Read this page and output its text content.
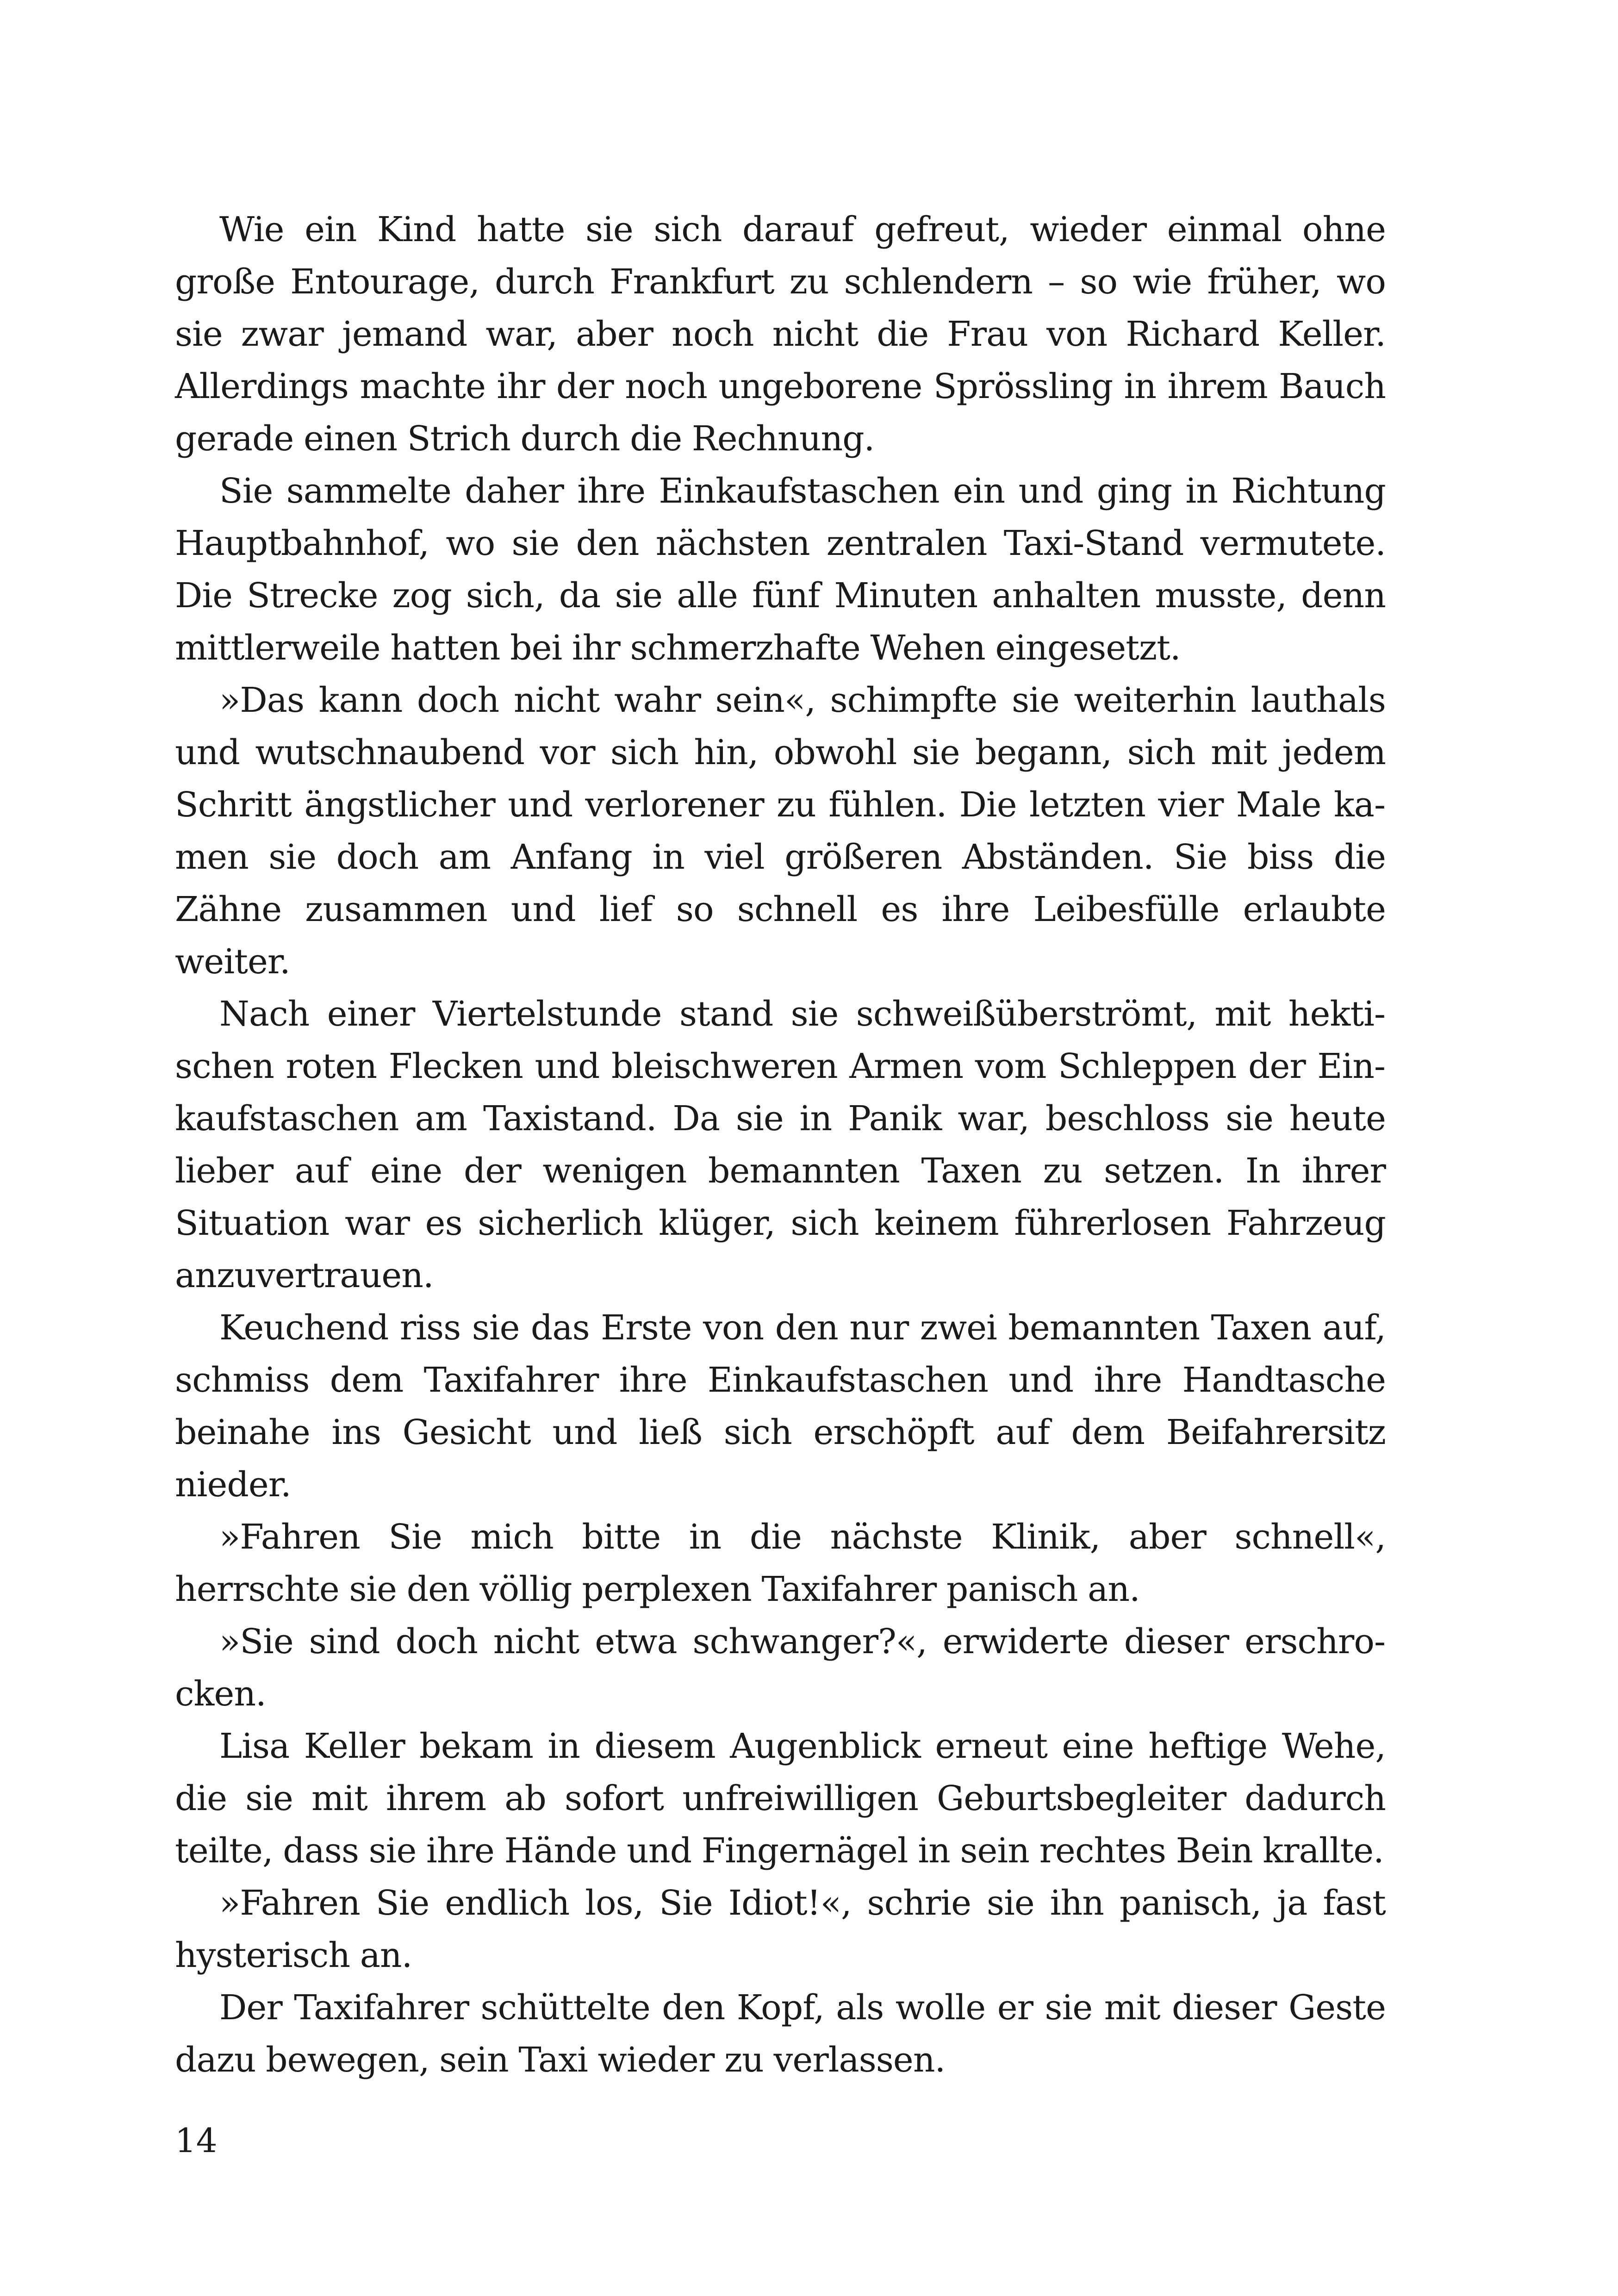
Wie ein Kind hatte sie sich darauf gefreut, wieder einmal ohne große Entourage, durch Frankfurt zu schlendern – so wie früher, wo sie zwar jemand war, aber noch nicht die Frau von Richard Keller. Allerdings machte ihr der noch ungeborene Sprössling in ihrem Bauch gerade einen Strich durch die Rechnung.

Sie sammelte daher ihre Einkaufstaschen ein und ging in Richtung Hauptbahnhof, wo sie den nächsten zentralen Taxi-Stand vermutete. Die Strecke zog sich, da sie alle fünf Minuten anhalten musste, denn mittlerweile hatten bei ihr schmerzhafte Wehen eingesetzt.

»Das kann doch nicht wahr sein«, schimpfte sie weiterhin lauthals und wutschnaubend vor sich hin, obwohl sie begann, sich mit jedem Schritt ängstlicher und verlorener zu fühlen. Die letzten vier Male kamen sie doch am Anfang in viel größeren Abständen. Sie biss die Zähne zusammen und lief so schnell es ihre Leibesfülle erlaubte weiter.

Nach einer Viertelstunde stand sie schweißüberströmt, mit hektischen roten Flecken und bleischweren Armen vom Schleppen der Einkaufstaschen am Taxistand. Da sie in Panik war, beschloss sie heute lieber auf eine der wenigen bemannten Taxen zu setzen. In ihrer Situation war es sicherlich klüger, sich keinem führerlosen Fahrzeug anzuvertrauen.

Keuchend riss sie das Erste von den nur zwei bemannten Taxen auf, schmiss dem Taxifahrer ihre Einkaufstaschen und ihre Handtasche beinahe ins Gesicht und ließ sich erschöpft auf dem Beifahrersitz nieder.

»Fahren Sie mich bitte in die nächste Klinik, aber schnell«, herrschte sie den völlig perplexen Taxifahrer panisch an.

»Sie sind doch nicht etwa schwanger?«, erwiderte dieser erschrocken.

Lisa Keller bekam in diesem Augenblick erneut eine heftige Wehe, die sie mit ihrem ab sofort unfreiwilligen Geburtsbegleiter dadurch teilte, dass sie ihre Hände und Fingernägel in sein rechtes Bein krallte.

»Fahren Sie endlich los, Sie Idiot!«, schrie sie ihn panisch, ja fast hysterisch an.

Der Taxifahrer schüttelte den Kopf, als wolle er sie mit dieser Geste dazu bewegen, sein Taxi wieder zu verlassen.

14
